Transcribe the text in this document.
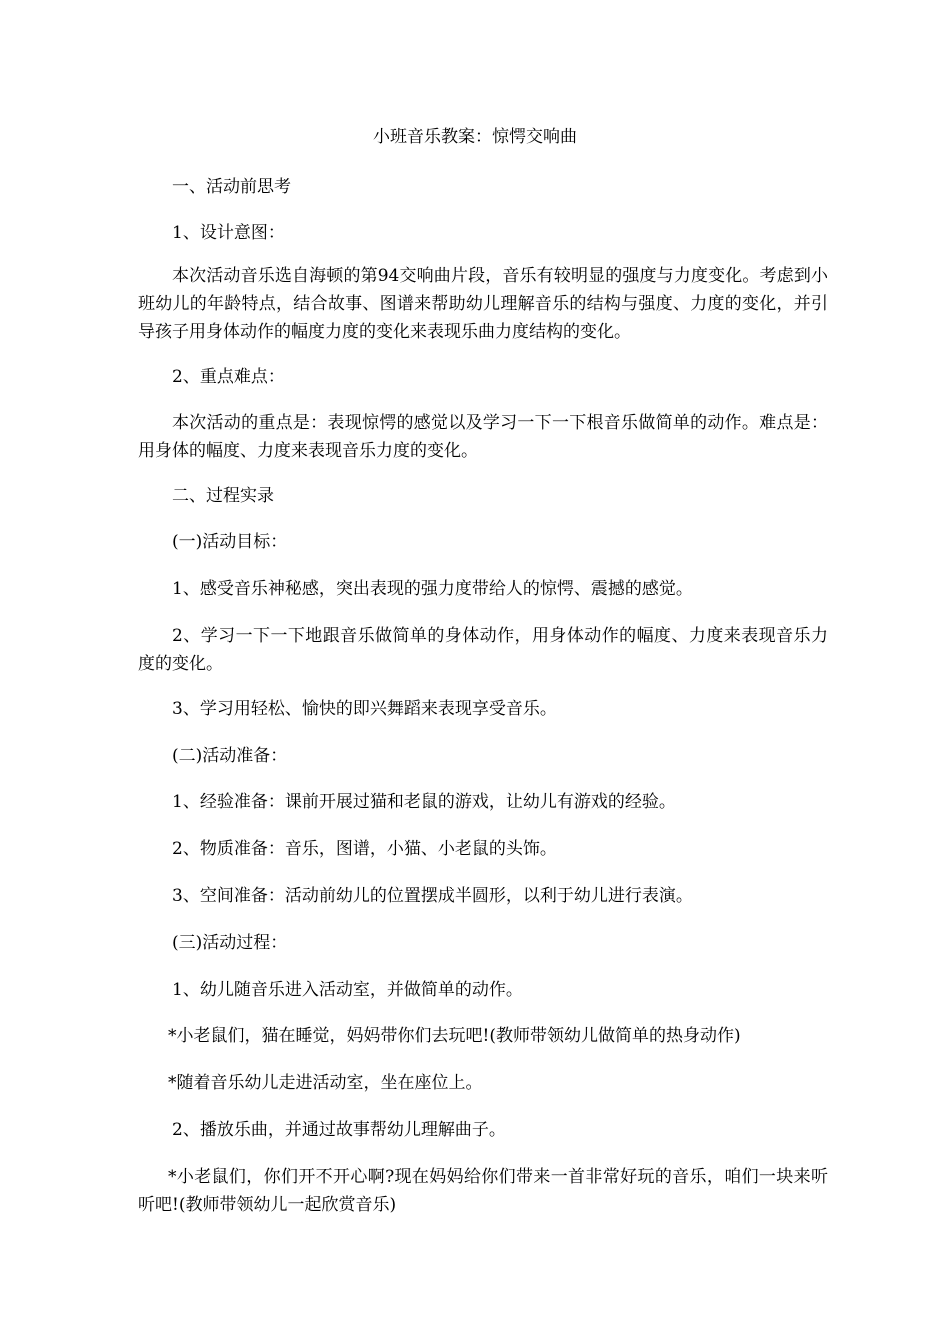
小班音乐教案：惊愕交响曲

一、活动前思考

1、设计意图：

本次活动音乐选自海顿的第94交响曲片段，音乐有较明显的强度与力度变化。考虑到小班幼儿的年龄特点，结合故事、图谱来帮助幼儿理解音乐的结构与强度、力度的变化，并引导孩子用身体动作的幅度力度的变化来表现乐曲力度结构的变化。

2、重点难点：

本次活动的重点是：表现惊愕的感觉以及学习一下一下根音乐做简单的动作。难点是：用身体的幅度、力度来表现音乐力度的变化。

二、过程实录

(一)活动目标：

1、感受音乐神秘感，突出表现的强力度带给人的惊愕、震撼的感觉。

2、学习一下一下地跟音乐做简单的身体动作，用身体动作的幅度、力度来表现音乐力度的变化。

3、学习用轻松、愉快的即兴舞蹈来表现享受音乐。

(二)活动准备：

1、经验准备：课前开展过猫和老鼠的游戏，让幼儿有游戏的经验。

2、物质准备：音乐，图谱，小猫、小老鼠的头饰。

3、空间准备：活动前幼儿的位置摆成半圆形，以利于幼儿进行表演。

(三)活动过程：

1、幼儿随音乐进入活动室，并做简单的动作。

*小老鼠们，猫在睡觉，妈妈带你们去玩吧!(教师带领幼儿做简单的热身动作)

*随着音乐幼儿走进活动室，坐在座位上。

2、播放乐曲，并通过故事帮幼儿理解曲子。

*小老鼠们，你们开不开心啊?现在妈妈给你们带来一首非常好玩的音乐，咱们一块来听听吧!(教师带领幼儿一起欣赏音乐)
